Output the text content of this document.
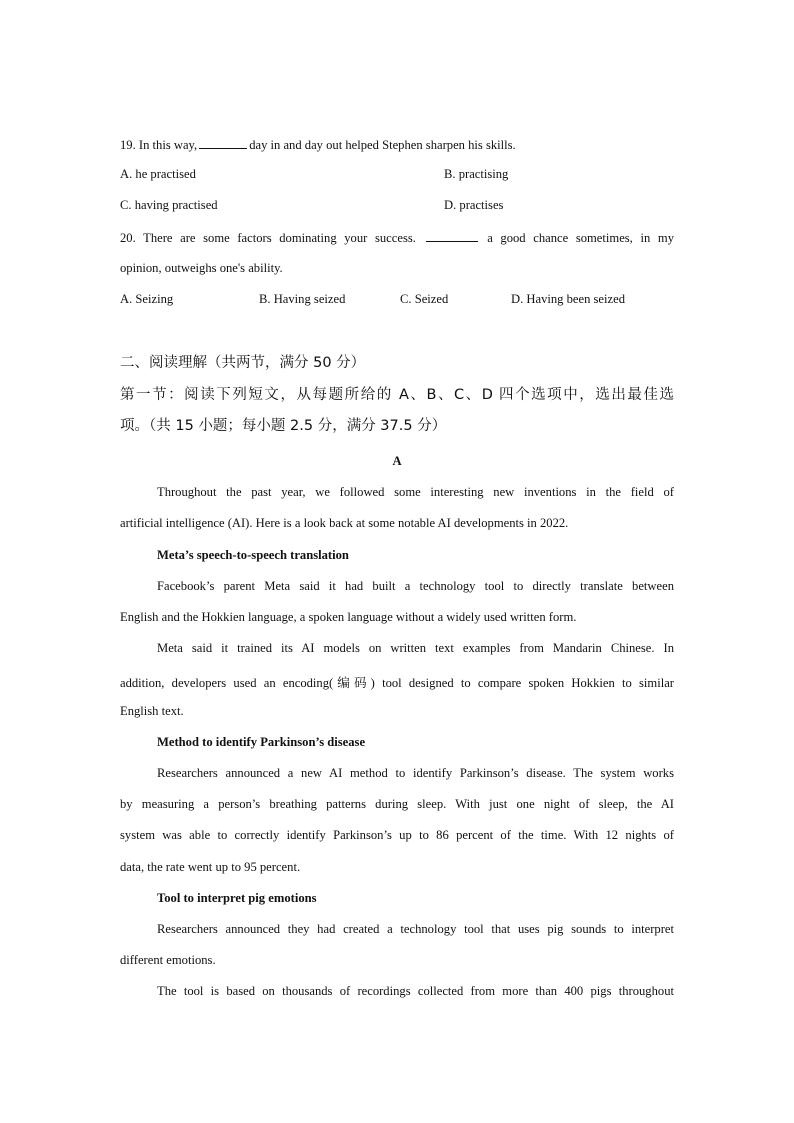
19. In this way,	day in and day out helped Stephen sharpen his skills.
A. he practised	B. practising
C. having practised	D. practises
20. There are some factors dominating your success.	a good chance sometimes, in my
opinion, outweighs one's ability.
A. Seizing	B. Having seized	C. Seized	D. Having been seized
二、阅读理解（共两节，满分 50 分）
第一节：阅读下列短文，从每题所给的 A、B、C、D 四个选项中，选出最佳选
项。（共 15 小题；每小题 2.5 分，满分 37.5 分）
A
Throughout the past year, we followed some interesting new inventions in the field of
artificial intelligence (AI). Here is a look back at some notable AI developments in 2022.
Meta’s speech-to-speech translation
Facebook’s parent Meta said it had built a technology tool to directly translate between
English and the Hokkien language, a spoken language without a widely used written form.
Meta said it trained its AI models on written text examples from Mandarin Chinese. In
addition, developers used an encoding(编码) tool designed to compare spoken Hokkien to similar
English text.
Method to identify Parkinson’s disease
Researchers announced a new AI method to identify Parkinson’s disease. The system works
by measuring a person’s breathing patterns during sleep. With just one night of sleep, the AI
system was able to correctly identify Parkinson’s up to 86 percent of the time. With 12 nights of
data, the rate went up to 95 percent.
Tool to interpret pig emotions
Researchers announced they had created a technology tool that uses pig sounds to interpret
different emotions.
The tool is based on thousands of recordings collected from more than 400 pigs throughout
